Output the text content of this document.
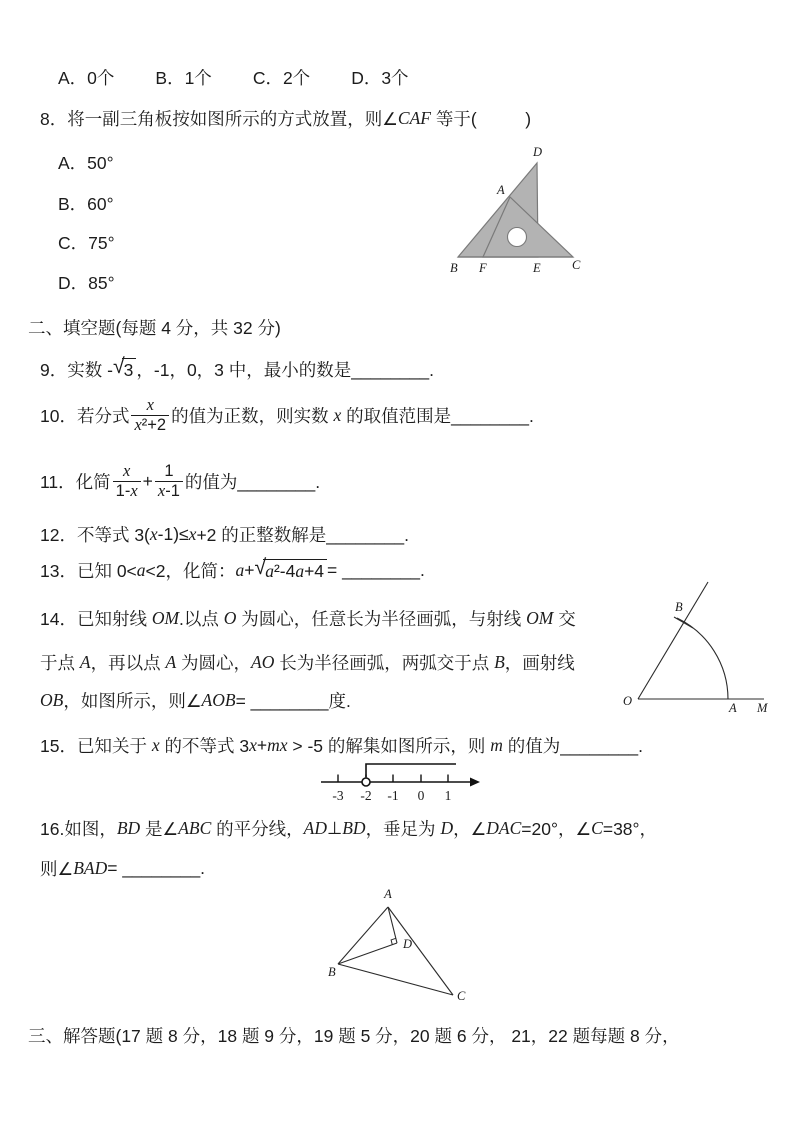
A．0个 B．1个 C．2个 D．3个
8．将一副三角板按如图所示的方式放置，则∠ CAF 等于(          )
A．50°
B．60°
C．75°
D．85°
D
A
B F	E	C
二、填空题(每题 4 分，共 32 分)
9．实数 - √ 3 ，-1，0，3 中，最小的数是________.
10．若分式 $\frac{x}{\text{x²+2}}$ 的值为正数，则实数 x 的取值范围是________.
11．化简 $\frac{x}{1-x} + \frac{1}{x-1}$ 的值为________.
12．不等式 3( x -1)≤ x +2 的正整数解是________.
13．已知 0< a <2，化简： a + √ a²-4a+4 = ________.
14．已知射线 OM .以点 O 为圆心，任意长为半径画弧，与射线 OM 交
于点 A ，再以点 A 为圆心， AO 长为半径画弧，两弧交于点 B ，画射线
OB ，如图所示，则∠ AOB = ________度.	O	A M
B
15．已知关于 x 的不等式 3 x + mx > -5 的解集如图所示，则 m 的值为________.
-3 -2 -1 0 1
16.如图， BD 是∠ ABC 的平分线， AD ⊥ BD ，垂足为 D ，∠ DAC =20°，∠ C =38°，
则∠ BAD = ________.
A
B
C
D
三、解答题(17 题 8 分，18 题 9 分，19 题 5 分，20 题 6 分， 21，22 题每题 8 分，
